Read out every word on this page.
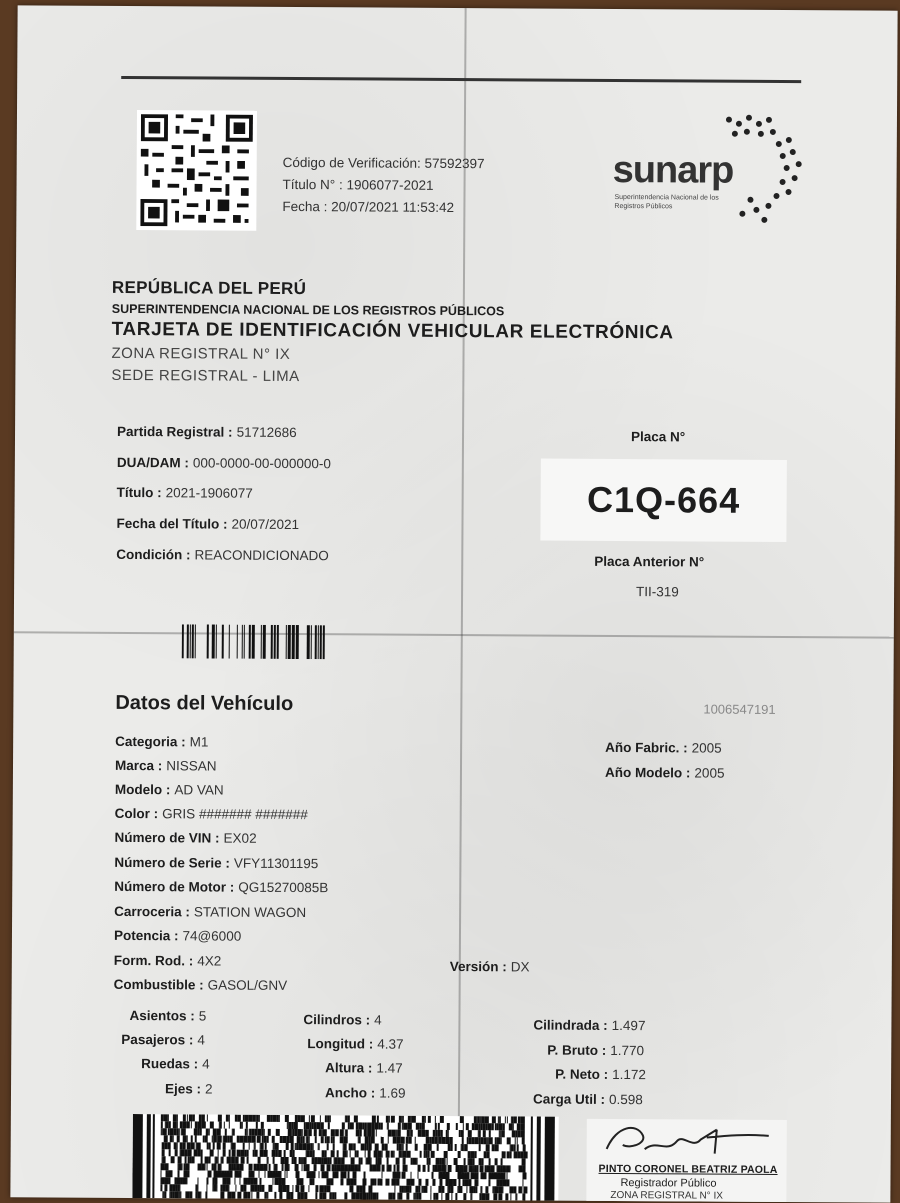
Código de Verificación: 57592397
Título N° : 1906077-2021
Fecha : 20/07/2021 11:53:42
sunarp
Superintendencia Nacional de los Registros Públicos
REPÚBLICA DEL PERÚ
SUPERINTENDENCIA NACIONAL DE LOS REGISTROS PÚBLICOS
TARJETA DE IDENTIFICACIÓN VEHICULAR ELECTRÓNICA
ZONA REGISTRAL N° IX
SEDE REGISTRAL - LIMA
Partida Registral : 51712686
DUA/DAM : 000-0000-00-000000-0
Título : 2021-1906077
Fecha del Título : 20/07/2021
Condición : REACONDICIONADO
Placa N°
C1Q-664
Placa Anterior N°
TII-319
Datos del Vehículo	1006547191
Categoria : M1
Marca : NISSAN
Modelo : AD VAN
Color : GRIS ####### #######
Número de VIN : EX02
Número de Serie : VFY11301195
Número de Motor : QG15270085B
Carroceria : STATION WAGON
Potencia : 74@6000
Form. Rod. : 4X2
Combustible : GASOL/GNV
Versión : DX
Año Fabric. : 2005
Año Modelo : 2005
Asientos : 5
Pasajeros : 4
Ruedas : 4
Ejes : 2
Cilindros : 4
Longitud : 4.37
Altura : 1.47
Ancho : 1.69
Cilindrada : 1.497
P. Bruto : 1.770
P. Neto : 1.172
Carga Util : 0.598
PINTO CORONEL BEATRIZ PAOLA
Registrador Público
ZONA REGISTRAL N° IX
